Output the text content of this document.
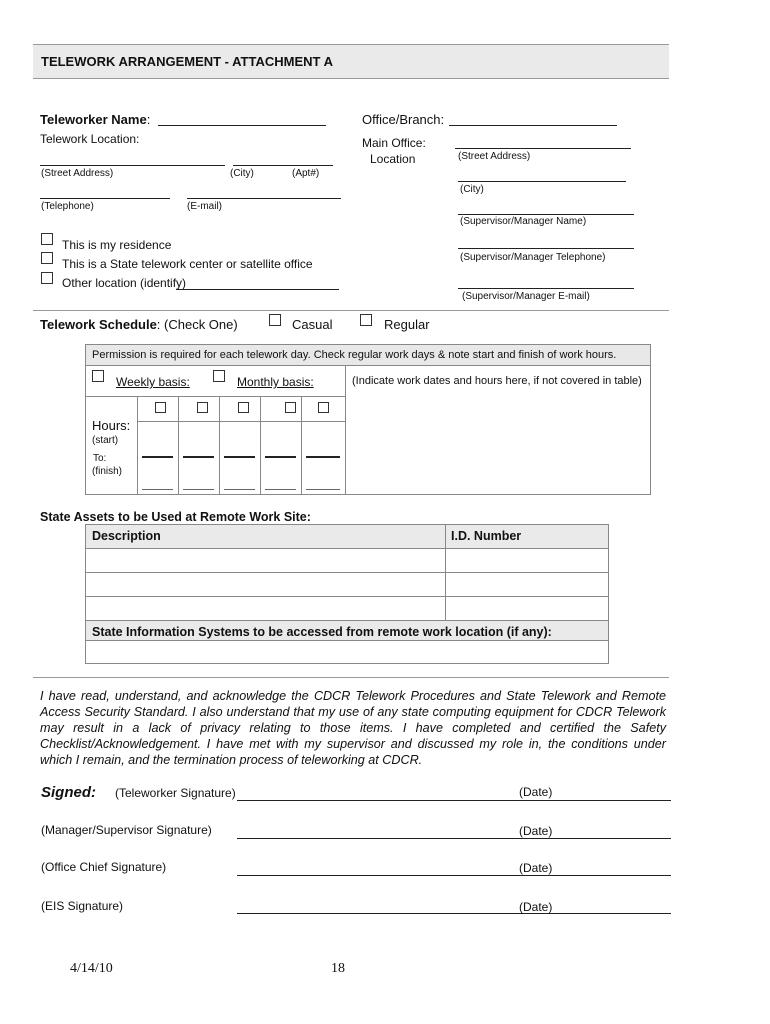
TELEWORK ARRANGEMENT - ATTACHMENT A
Teleworker Name:
Telework Location:
(Street Address)	(City)	(Apt#)
(Telephone)	(E-mail)
This is my residence
This is a State telework center or satellite office
Other location (identify)
Office/Branch:
Main Office:
Location	(Street Address)
(City)
(Supervisor/Manager Name)
(Supervisor/Manager Telephone)
(Supervisor/Manager E-mail)
Telework Schedule: (Check One)	Casual	Regular
Permission is required for each telework day. Check regular work days & note start and finish of work hours.
Weekly basis:	Monthly basis:	(Indicate work dates and hours here, if not covered in table)
Hours:
(start)
To:
(finish)
State Assets to be Used at Remote Work Site:
Description	I.D. Number
State Information Systems to be accessed from remote work location (if any):
I have read, understand, and acknowledge the CDCR Telework Procedures and State Telework and Remote Access Security Standard. I also understand that my use of any state computing equipment for CDCR Telework may result in a lack of privacy relating to those items. I have completed and certified the Safety Checklist/Acknowledgement. I have met with my supervisor and discussed my role in, the conditions under which I remain, and the termination process of teleworking at CDCR.
Signed: (Teleworker Signature)	(Date)
(Manager/Supervisor Signature)	(Date)
(Office Chief Signature)	(Date)
(EIS Signature)	(Date)
4/14/10	18
